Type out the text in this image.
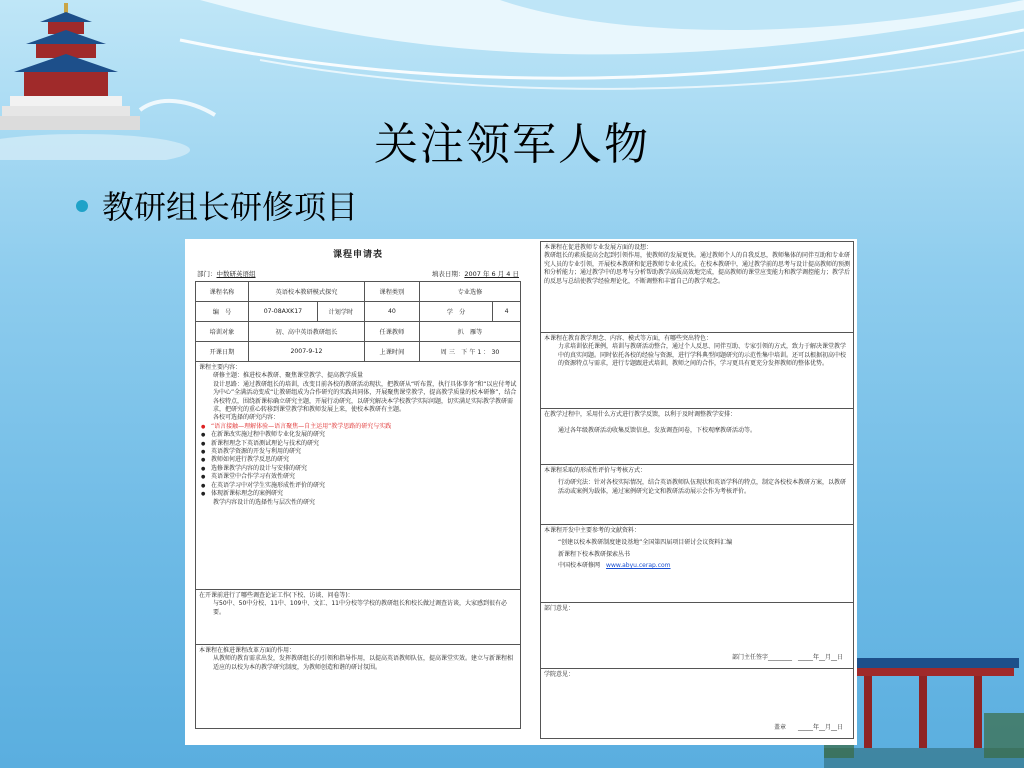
关注领军人物
教研组长研修项目
课程申请表
部门：中数研英语组	填表日期：2007 年 6 月 4 日
课程名称	英语校本教研模式探究		课程类别	专业选修	
编　号	07-08AXK17	计划学时	40	学　分	4
培训对象	初、高中英语教研组长		任课教师	扒　雁等	
开课日期	2007-9-12		上课时间	周 三　下 午 1 ： 30	
课程主要内容：
研修主题：推进校本教研、聚焦课堂教学、提高教学质量
设计思路：通过教研组长的培训，改变目前各校的教研活动现状，把教研从“听布置，执行具体事务”和“以应付考试为中心”全满活动变成“让教研组成为合作研究的实践共同体，开展聚焦课堂教学，提高教学质量的校本研修”，结合各校特点，围绕新课标确立研究主题，开展行动研究，以研究解决本学校教学实际问题，切实满足实际教学教研需求，把研究的重心转移到课堂教学和教师发展上来，使校本教研有主题。
各校可选择的研究内容：
● “语言接触—理解体验—语言聚焦—自主运用”教学思路的研究与实践
● 在新课改实施过程中教师专业化发展的研究
● 新课程理念下英语测试理论与技术的研究
● 英语教学资源的开发与利用的研究
● 教师如何进行教学反思的研究
● 选修课教学内容的设计与安排的研究
● 英语课堂中合作学习有效性研究
● 在英语学习中对学生实施形成性评价的研究
● 体现新课标理念的案例研究
教学内容设计的选择性与层次性的研究
在开课前进行了哪些调查论证工作(下校、访谈、问卷等)：
与50中、50中分校、11中、109中、文汇、11中分校等学校的教研组长和校长做过调查访谈，大家感到很有必要。
本课程在推进课程改革方面的作用：
从教师的教育需求出发，发挥教研组长的引领和指导作用，以提高英语教师队伍，提高课堂实效。建立与新课程相适应的以校为本的教学研究制度，为教师创造和谐的研讨氛围。
本课程在促进教师专业发展方面的设想：
教研组长的素质提高会起到引领作用，使教师的发展更快。通过教师个人的自我反思，教师集体的同伴互助和专业研究人员的专业引领，开展校本教研和促进教师专业化成长。在校本教研中，通过教学前的思考与设计提高教师的预测和分析能力；通过教学中的思考与分析帮助教学高质高效地完成，提高教师的课堂应变能力和教学调控能力；教学后的反思与总结使教学经验理论化，不断调整和丰富自己的教学观念。
本课程在教育教学理念、内容、模式等方面，有哪些突出特色：
力求培训依托课例，培训与教研活动整合，通过个人反思、同伴互助、专家引领的方式，致力于解决课堂教学中的真实问题。同时依托各校的经验与资源，进行学科典型问题研究的示范性集中培训。还可以根据初高中校的资源特点与需求，进行专题跟进式培训，教师之间的合作，学习更具有更充分发挥教师的整体优势。
在教学过程中，采用什么方式进行教学反馈，以利于及时调整教学安排：
通过各年级教研活动收集反馈信息，发放调查问卷，下校观摩教研活动等。
本课程采取的形成性评价与考核方式：
行动研究法：针对各校实际情况，结合英语教师队伍现状和英语学科的特点，制定各校校本教研方案，以教研活动或案例为载体，通过案例研究论文和教研活动展示会作为考核评价。
本课程开发中主要参考的文献资料：
“创建以校本教研制度建设基地”全国第四届项目研讨会议资料汇编
新课程下校本教研探索丛书
中国校本研修网　 www.abyu.cerap.com
部门意见：
部门主任签字________　_____年__月__日
学院意见：
盖章　　_____年__月__日
